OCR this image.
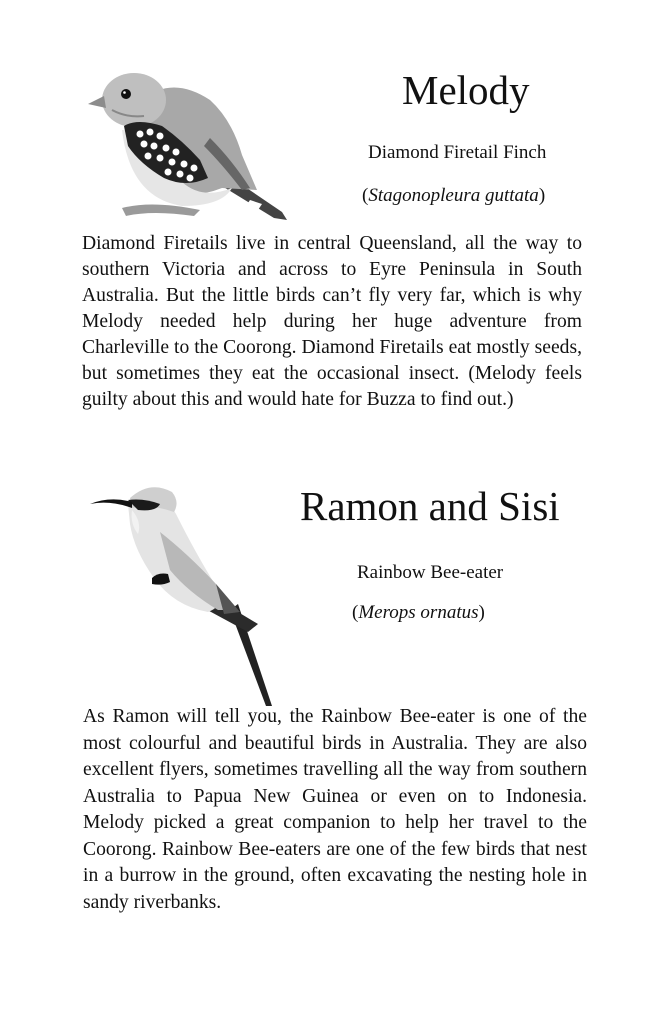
Melody

Diamond Firetail Finch

(Stagonopleura guttata)

Diamond Firetails live in central Queensland, all the way to southern Victoria and across to Eyre Peninsula in South Australia. But the little birds can’t fly very far, which is why Melody needed help during her huge adventure from Charleville to the Coorong. Diamond Firetails eat mostly seeds, but sometimes they eat the occasional insect. (Melody feels guilty about this and would hate for Buzza to find out.)

Ramon and Sisi

Rainbow Bee-eater

(Merops ornatus)

As Ramon will tell you, the Rainbow Bee-eater is one of the most colourful and beautiful birds in Australia. They are also excellent flyers, sometimes travelling all the way from southern Australia to Papua New Guinea or even on to Indonesia. Melody picked a great companion to help her travel to the Coorong. Rainbow Bee-eaters are one of the few birds that nest in a burrow in the ground, often excavating the nesting hole in sandy riverbanks.
